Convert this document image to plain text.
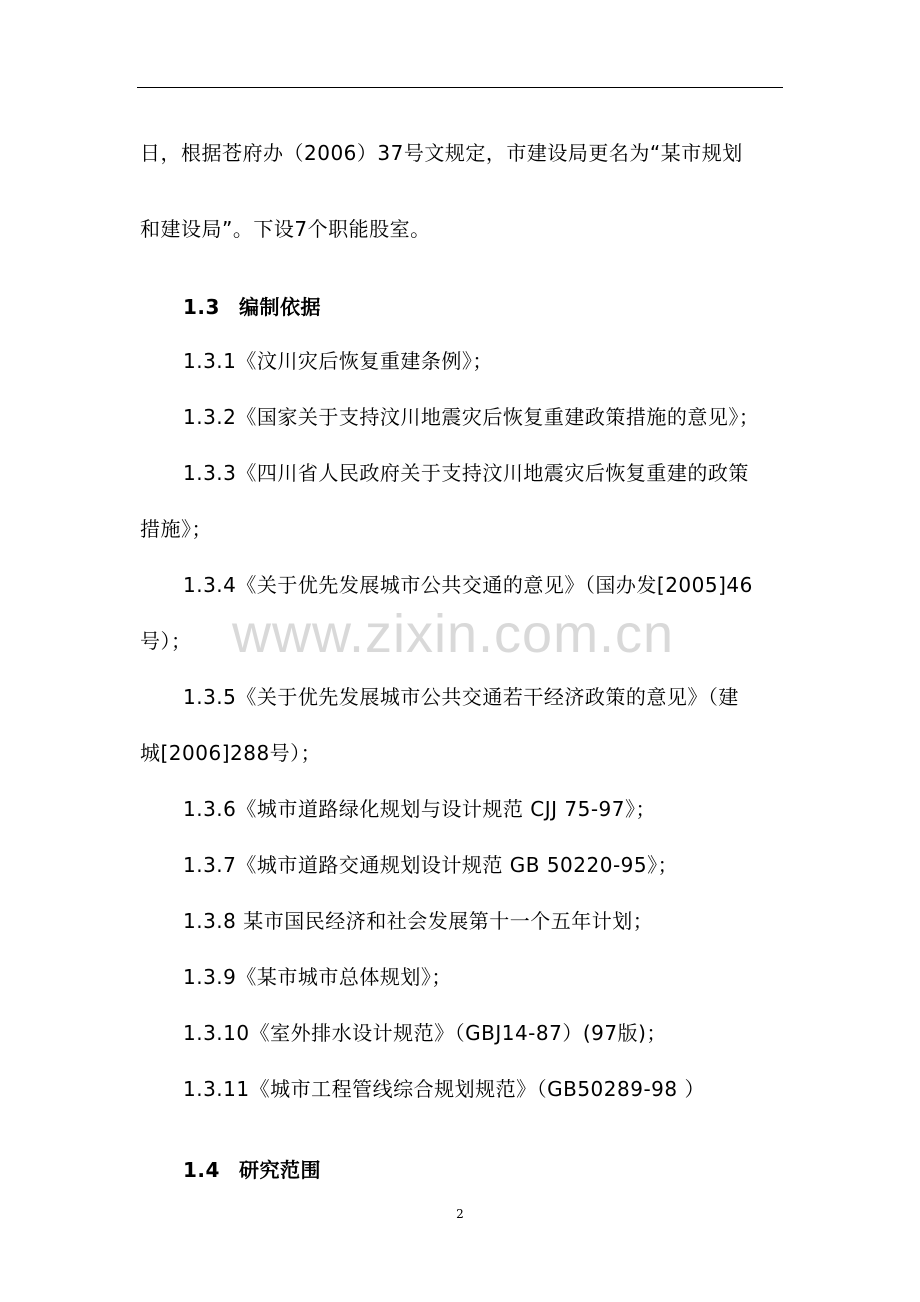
日，根据苍府办（2006）37号文规定，市建设局更名为“某市规划
和建设局”。下设7个职能股室。
1.3 编制依据
1.3.1《汶川灾后恢复重建条例》；
1.3.2《国家关于支持汶川地震灾后恢复重建政策措施的意见》；
1.3.3《四川省人民政府关于支持汶川地震灾后恢复重建的政策
措施》；
1.3.4《关于优先发展城市公共交通的意见》（国办发[2005]46
号）；
1.3.5《关于优先发展城市公共交通若干经济政策的意见》（建
城[2006]288号）；
1.3.6《城市道路绿化规划与设计规范 CJJ 75-97》；
1.3.7《城市道路交通规划设计规范 GB 50220-95》；
1.3.8 某市国民经济和社会发展第十一个五年计划；
1.3.9《某市城市总体规划》；
1.3.10《室外排水设计规范》（GBJ14-87）(97版)；
1.3.11《城市工程管线综合规划规范》（GB50289-98 ）
1.4 研究范围
www.zixin.com.cn
2
